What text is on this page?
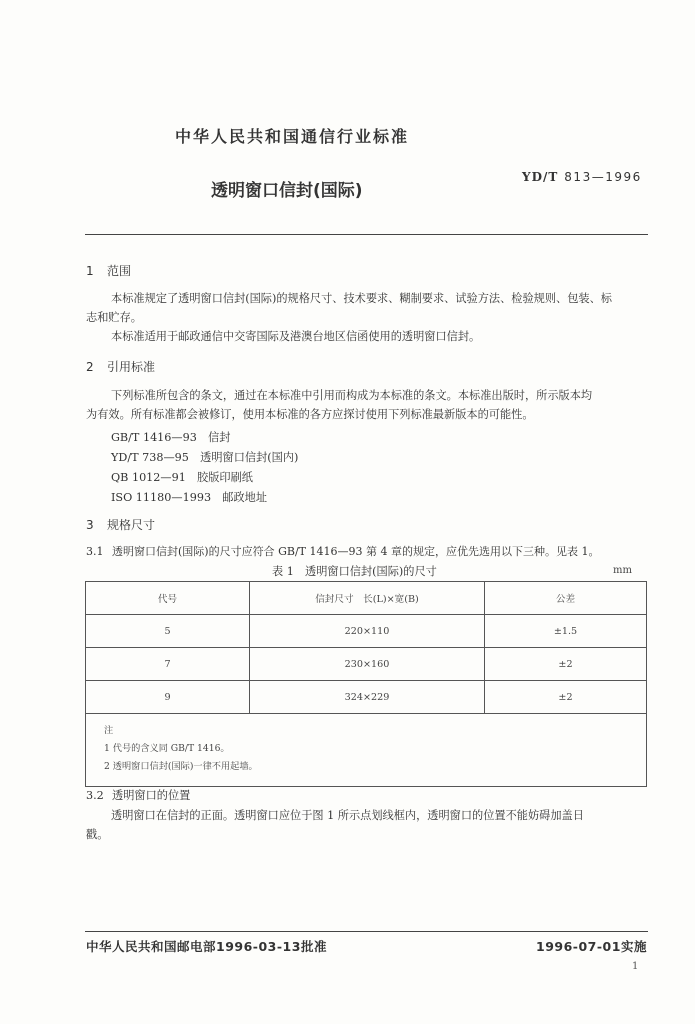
中华人民共和国通信行业标准
透明窗口信封(国际)
YD/T 813—1996
1 范围
本标准规定了透明窗口信封(国际)的规格尺寸、技术要求、糊制要求、试验方法、检验规则、包装、标
志和贮存。
本标准适用于邮政通信中交寄国际及港澳台地区信函使用的透明窗口信封。
2 引用标准
下列标准所包含的条文，通过在本标准中引用而构成为本标准的条文。本标准出版时，所示版本均
为有效。所有标准都会被修订，使用本标准的各方应探讨使用下列标准最新版本的可能性。
GB/T 1416—93　 信封
YD/T 738—95　 透明窗口信封(国内)
QB 1012—91　 胶版印刷纸
ISO 11180—1993　 邮政地址
3 规格尺寸
3.1 透明窗口信封(国际)的尺寸应符合 GB/T 1416—93 第 4 章的规定，应优先选用以下三种。见表 1。
表 1　透明窗口信封(国际)的尺寸	mm
代号	信封尺寸　长(L)×宽(B)	公差
5	220×110	±1.5
7	230×160	±2
9	324×229	±2

注
1 代号的含义同 GB/T 1416。
2 透明窗口信封(国际)一律不用起墙。		
3.2 透明窗口的位置
透明窗口在信封的正面。透明窗口应位于图 1 所示点划线框内，透明窗口的位置不能妨碍加盖日
戳。
中华人民共和国邮电部1996-03-13批准	1996-07-01实施
1
